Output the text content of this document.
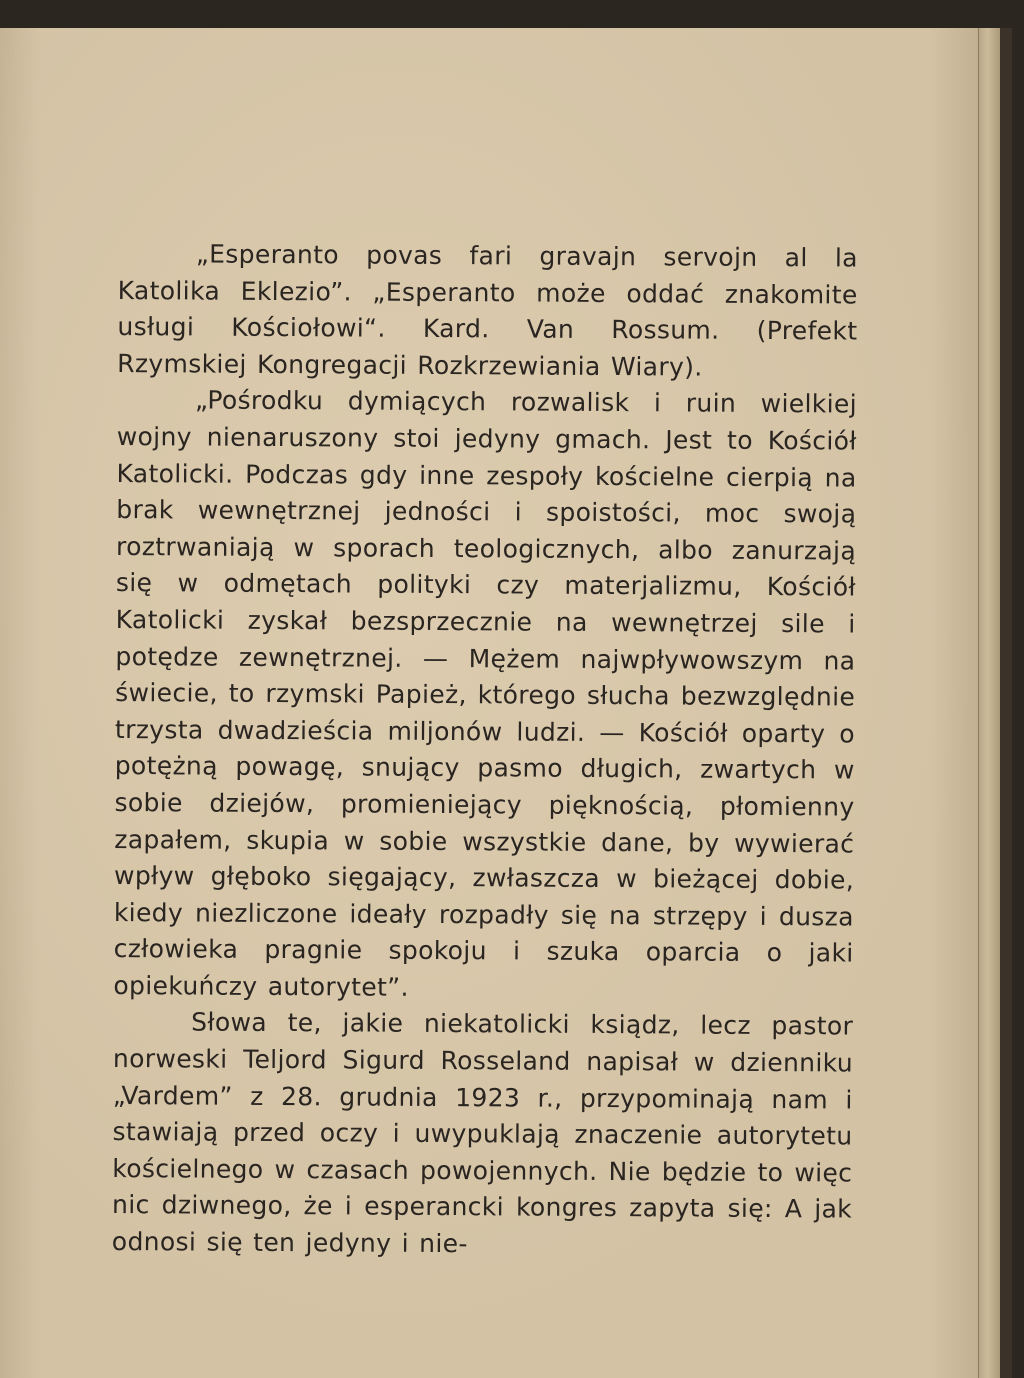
„Esperanto povas fari gravajn servojn al la Katolika Eklezio”. „Esperanto może oddać znakomite usługi Kościołowi“. Kard. Van Rossum. (Prefekt Rzymskiej Kongregacji Rozkrzewiania Wiary).

„Pośrodku dymiących rozwalisk i ruin wielkiej wojny nienaruszony stoi jedyny gmach. Jest to Kościół Katolicki. Podczas gdy inne zespoły kościelne cierpią na brak wewnętrznej jedności i spoistości, moc swoją roztrwaniają w sporach teologicznych, albo zanurzają się w odmętach polityki czy materjalizmu, Kościół Katolicki zyskał bezsprzecznie na wewnętrzej sile i potędze zewnętrznej. — Mężem najwpływowszym na świecie, to rzymski Papież, którego słucha bezwzględnie trzysta dwadzieścia miljonów ludzi. — Kościół oparty o potężną powagę, snujący pasmo długich, zwartych w sobie dziejów, promieniejący pięknością, płomienny zapałem, skupia w sobie wszystkie dane, by wywierać wpływ głęboko sięgający, zwłaszcza w bieżącej dobie, kiedy niezliczone ideały rozpadły się na strzępy i dusza człowieka pragnie spokoju i szuka oparcia o jaki opiekuńczy autorytet”.

Słowa te, jakie niekatolicki ksiądz, lecz pastor norweski Teljord Sigurd Rosseland napisał w dzienniku „Vardem” z 28. grudnia 1923 r., przypominają nam i stawiają przed oczy i uwypuklają znaczenie autorytetu kościelnego w czasach powojennych. Nie będzie to więc nic dziwnego, że i esperancki kongres zapyta się: A jak odnosi się ten jedyny i nie-
